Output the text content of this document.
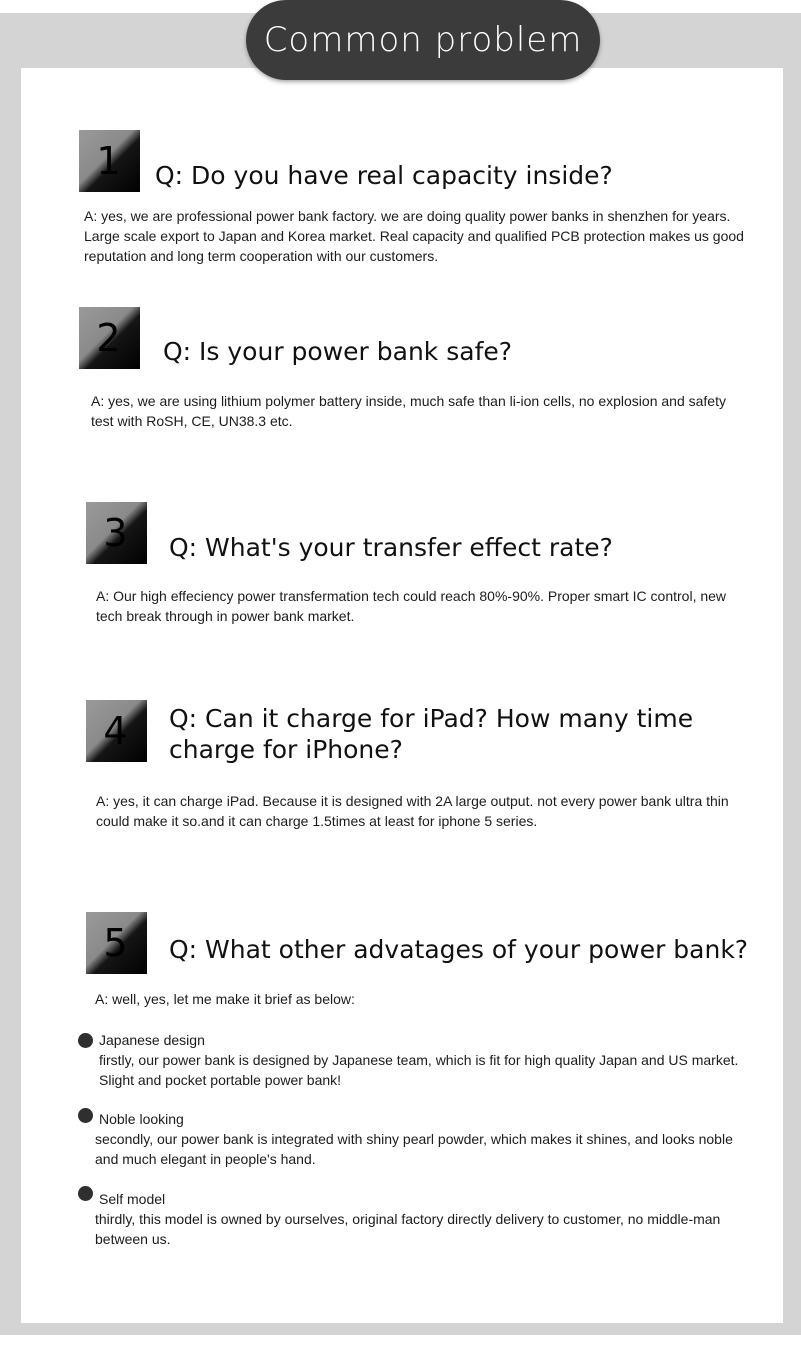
Common problem
1 Q: Do you have real capacity inside?
A: yes, we are professional power bank factory. we are doing quality power banks in shenzhen for years.
Large scale export to Japan and Korea market. Real capacity and qualified PCB protection makes us good
reputation and long term cooperation with our customers.
2 Q: Is your power bank safe?
A: yes, we are using lithium polymer battery inside, much safe than li-ion cells, no explosion and safety
test with RoSH, CE, UN38.3 etc.
3 Q: What's your transfer effect rate?
A: Our high effeciency power transfermation tech could reach 80%-90%. Proper smart IC control, new
tech break through in power bank market.
4 Q: Can it charge for iPad? How many time
charge for iPhone?
A: yes, it can charge iPad. Because it is designed with 2A large output. not every power bank ultra thin
could make it so.and it can charge 1.5times at least for iphone 5 series.
5 Q: What other advatages of your power bank?
A: well, yes, let me make it brief as below:
Japanese design
firstly, our power bank is designed by Japanese team, which is fit for high quality Japan and US market.
Slight and pocket portable power bank!
Noble looking
secondly, our power bank is integrated with shiny pearl powder, which makes it shines, and looks noble
and much elegant in people's hand.
Self model
thirdly, this model is owned by ourselves, original factory directly delivery to customer, no middle-man
between us.
